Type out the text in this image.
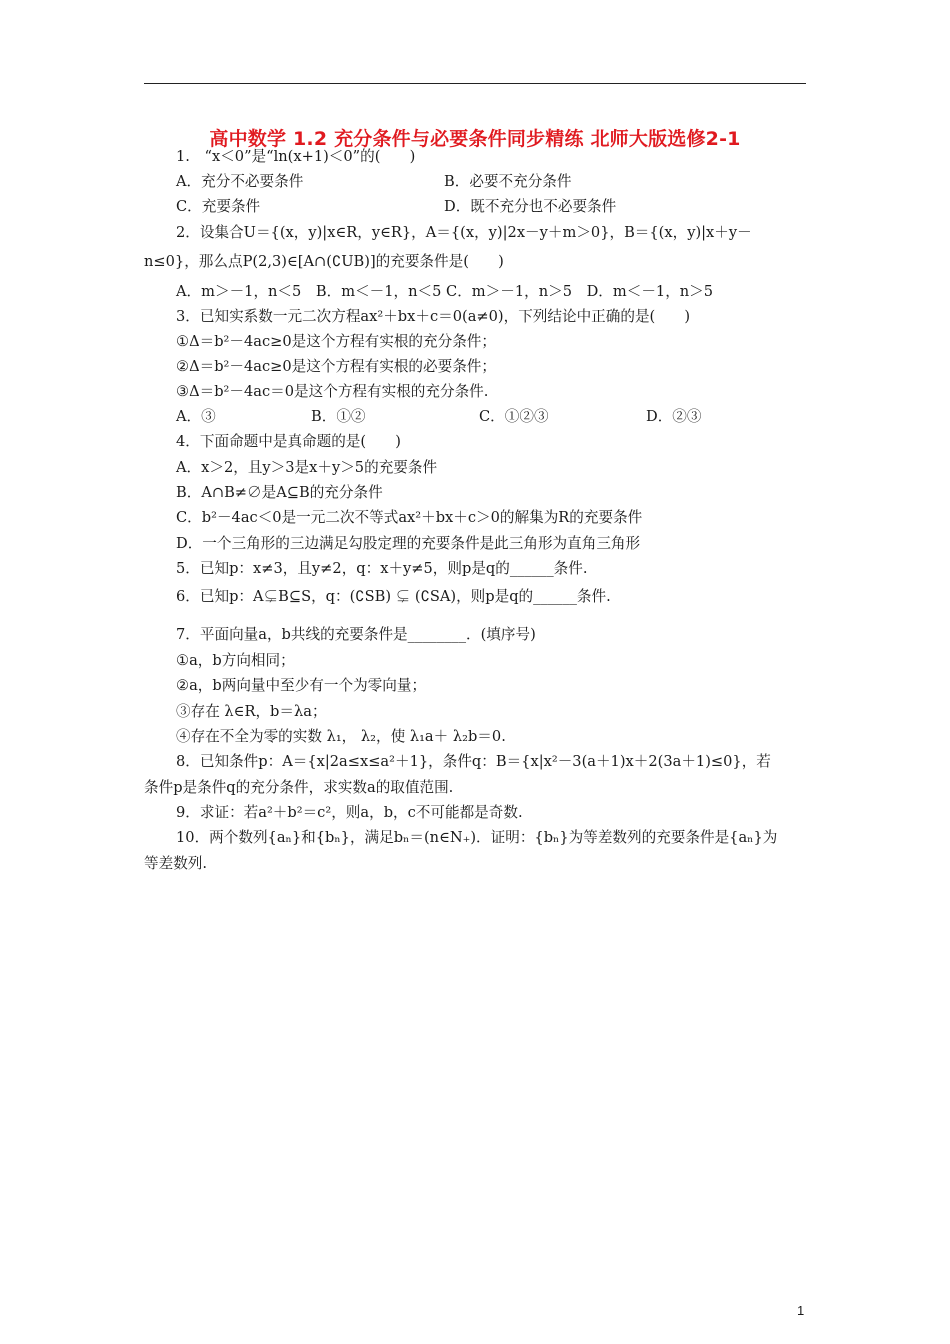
高中数学 1.2 充分条件与必要条件同步精练 北师大版选修2-1
1.　“x＜0”是“ln(x+1)＜0”的(　　)
A．充分不必要条件	B．必要不充分条件
C．充要条件	D．既不充分也不必要条件
2．设集合U＝{(x，y)|x∈R，y∈R}，A＝{(x，y)|2x－y＋m＞0}，B＝{(x，y)|x＋y－
n≤0}，那么点P(2,3)∈[A∩(∁UB)]的充要条件是(　　)
A．m＞－1，n＜5　B．m＜－1，n＜5 C．m＞－1，n＞5　D．m＜－1，n＞5
3．已知实系数一元二次方程ax²＋bx＋c＝0(a≠0)，下列结论中正确的是(　　)
①Δ＝b²－4ac≥0是这个方程有实根的充分条件；
②Δ＝b²－4ac≥0是这个方程有实根的必要条件；
③Δ＝b²－4ac＝0是这个方程有实根的充分条件.
A．③	B．①②	C．①②③	D．②③
4．下面命题中是真命题的是(　　)
A．x＞2，且y＞3是x＋y＞5的充要条件
B．A∩B≠∅是A⊆B的充分条件
C．b²－4ac＜0是一元二次不等式ax²＋bx＋c＞0的解集为R的充要条件
D．一个三角形的三边满足勾股定理的充要条件是此三角形为直角三角形
5．已知p：x≠3，且y≠2，q：x＋y≠5，则p是q的______条件.
6．已知p：A⊊B⊆S，q：(∁SB) ⊊ (∁SA)，则p是q的______条件.
7．平面向量a，b共线的充要条件是________．(填序号)
①a，b方向相同；
②a，b两向量中至少有一个为零向量；
③存在 λ∈R，b＝λa；
④存在不全为零的实数 λ₁， λ₂，使 λ₁a＋ λ₂b＝0.
8．已知条件p：A＝{x|2a≤x≤a²＋1}，条件q：B＝{x|x²－3(a＋1)x＋2(3a＋1)≤0}，若
条件p是条件q的充分条件，求实数a的取值范围.
9．求证：若a²＋b²＝c²，则a，b，c不可能都是奇数.
10．两个数列{aₙ}和{bₙ}，满足bₙ＝(n∈N₊)．证明：{bₙ}为等差数列的充要条件是{aₙ}为
等差数列.
1
